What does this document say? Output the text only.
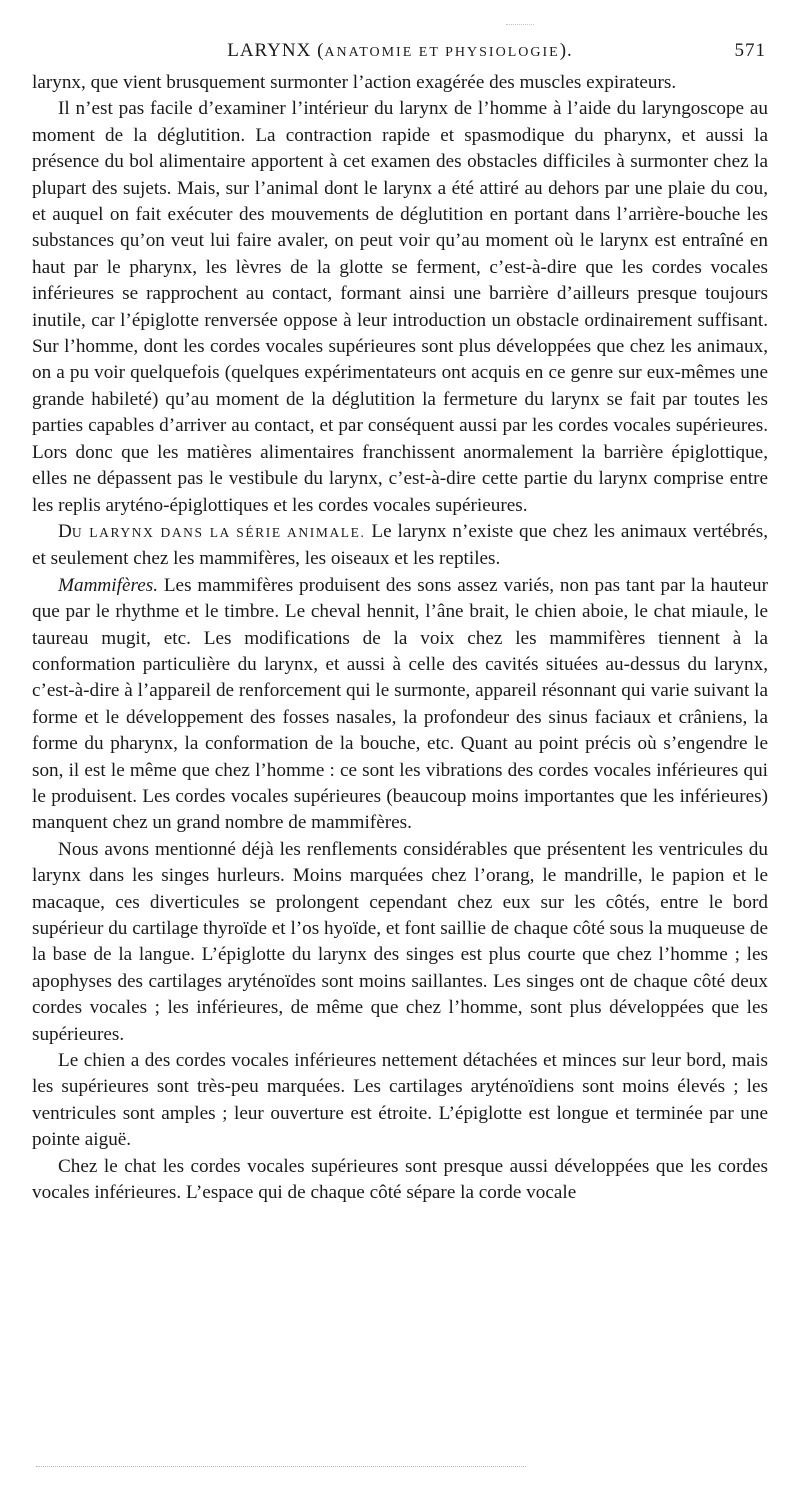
LARYNX (ANATOMIE ET PHYSIOLOGIE).	571

larynx, que vient brusquement surmonter l’action exagérée des muscles expirateurs.

Il n’est pas facile d’examiner l’intérieur du larynx de l’homme à l’aide du laryngoscope au moment de la déglutition. La contraction rapide et spasmodique du pharynx, et aussi la présence du bol alimentaire apportent à cet examen des obstacles difficiles à surmonter chez la plupart des sujets. Mais, sur l’animal dont le larynx a été attiré au dehors par une plaie du cou, et auquel on fait exécuter des mouvements de déglutition en portant dans l’arrière-bouche les substances qu’on veut lui faire avaler, on peut voir qu’au moment où le larynx est entraîné en haut par le pharynx, les lèvres de la glotte se ferment, c’est-à-dire que les cordes vocales inférieures se rapprochent au contact, formant ainsi une barrière d’ailleurs presque toujours inutile, car l’épiglotte renversée oppose à leur introduction un obstacle ordinairement suffisant. Sur l’homme, dont les cordes vocales supérieures sont plus développées que chez les animaux, on a pu voir quelquefois (quelques expérimentateurs ont acquis en ce genre sur eux-mêmes une grande habileté) qu’au moment de la déglutition la fermeture du larynx se fait par toutes les parties capables d’arriver au contact, et par conséquent aussi par les cordes vocales supérieures. Lors donc que les matières alimentaires franchissent anormalement la barrière épiglottique, elles ne dépassent pas le vestibule du larynx, c’est-à-dire cette partie du larynx comprise entre les replis aryténo-épiglottiques et les cordes vocales supérieures.

DU LARYNX DANS LA SÉRIE ANIMALE. Le larynx n’existe que chez les animaux vertébrés, et seulement chez les mammifères, les oiseaux et les reptiles.

Mammifères. Les mammifères produisent des sons assez variés, non pas tant par la hauteur que par le rhythme et le timbre. Le cheval hennit, l’âne brait, le chien aboie, le chat miaule, le taureau mugit, etc. Les modifications de la voix chez les mammifères tiennent à la conformation particulière du larynx, et aussi à celle des cavités situées au-dessus du larynx, c’est-à-dire à l’appareil de renforcement qui le surmonte, appareil résonnant qui varie suivant la forme et le développement des fosses nasales, la profondeur des sinus faciaux et crâniens, la forme du pharynx, la conformation de la bouche, etc. Quant au point précis où s’engendre le son, il est le même que chez l’homme : ce sont les vibrations des cordes vocales inférieures qui le produisent. Les cordes vocales supérieures (beaucoup moins importantes que les inférieures) manquent chez un grand nombre de mammifères.

Nous avons mentionné déjà les renflements considérables que présentent les ventricules du larynx dans les singes hurleurs. Moins marquées chez l’orang, le mandrille, le papion et le macaque, ces diverticules se prolongent cependant chez eux sur les côtés, entre le bord supérieur du cartilage thyroïde et l’os hyoïde, et font saillie de chaque côté sous la muqueuse de la base de la langue. L’épiglotte du larynx des singes est plus courte que chez l’homme ; les apophyses des cartilages aryténoïdes sont moins saillantes. Les singes ont de chaque côté deux cordes vocales ; les inférieures, de même que chez l’homme, sont plus développées que les supérieures.

Le chien a des cordes vocales inférieures nettement détachées et minces sur leur bord, mais les supérieures sont très-peu marquées. Les cartilages aryténoïdiens sont moins élevés ; les ventricules sont amples ; leur ouverture est étroite. L’épiglotte est longue et terminée par une pointe aiguë.

Chez le chat les cordes vocales supérieures sont presque aussi développées que les cordes vocales inférieures. L’espace qui de chaque côté sépare la corde vocale
